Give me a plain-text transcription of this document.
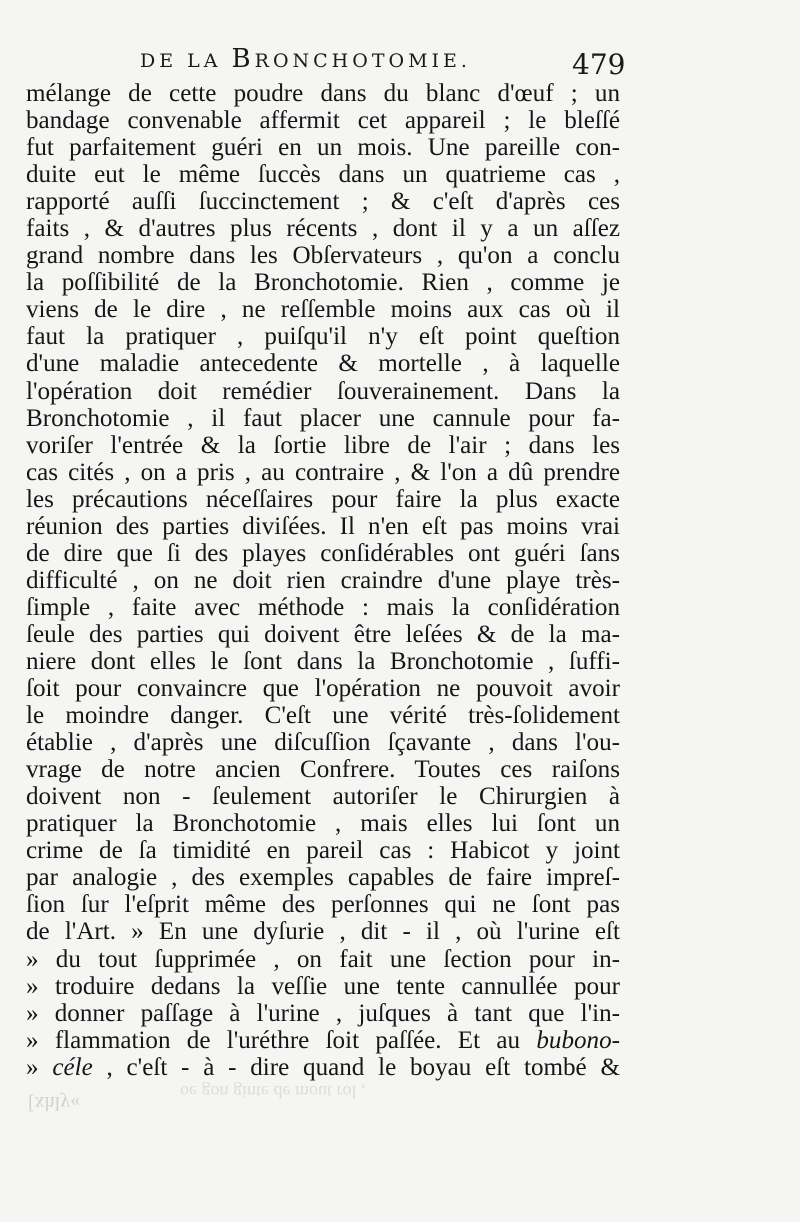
DE LA BRONCHOTOMIE.	479
mélange de cette poudre dans du blanc d'œuf ; un
bandage convenable affermit cet appareil ; le bleſſé
fut parfaitement guéri en un mois. Une pareille con-
duite eut le même ſuccès dans un quatrieme cas ,
rapporté auſſi ſuccinctement ; & c'eſt d'après ces
faits , & d'autres plus récents , dont il y a un aſſez
grand nombre dans les Obſervateurs , qu'on a conclu
la poſſibilité de la Bronchotomie. Rien , comme je
viens de le dire , ne reſſemble moins aux cas où il
faut la pratiquer , puiſqu'il n'y eſt point queſtion
d'une maladie antecedente & mortelle , à laquelle
l'opération doit remédier ſouverainement. Dans la
Bronchotomie , il faut placer une cannule pour fa-
voriſer l'entrée & la ſortie libre de l'air ; dans les
cas cités , on a pris , au contraire , & l'on a dû prendre
les précautions néceſſaires pour faire la plus exacte
réunion des parties diviſées. Il n'en eſt pas moins vrai
de dire que ſi des playes conſidérables ont guéri ſans
difficulté , on ne doit rien craindre d'une playe très-
ſimple , faite avec méthode : mais la conſidération
ſeule des parties qui doivent être leſées & de la ma-
niere dont elles le ſont dans la Bronchotomie , ſuffi-
ſoit pour convaincre que l'opération ne pouvoit avoir
le moindre danger. C'eſt une vérité très-ſolidement
établie , d'après une diſcuſſion ſçavante , dans l'ou-
vrage de notre ancien Confrere. Toutes ces raiſons
doivent non - ſeulement autoriſer le Chirurgien à
pratiquer la Bronchotomie , mais elles lui ſont un
crime de ſa timidité en pareil cas : Habicot y joint
par analogie , des exemples capables de faire impreſ-
ſion ſur l'eſprit même des perſonnes qui ne ſont pas
de l'Art. » En une dyſurie , dit - il , où l'urine eſt
» du tout ſupprimée , on fait une ſection pour in-
» troduire dedans la veſſie une tente cannullée pour
» donner paſſage à l'urine , juſques à tant que l'in-
» flammation de l'uréthre ſoit paſſée. Et au bubono-
» céle , c'eſt - à - dire quand le boyau eſt tombé &
[xhly«	oe gon ginte de mout rol ,
